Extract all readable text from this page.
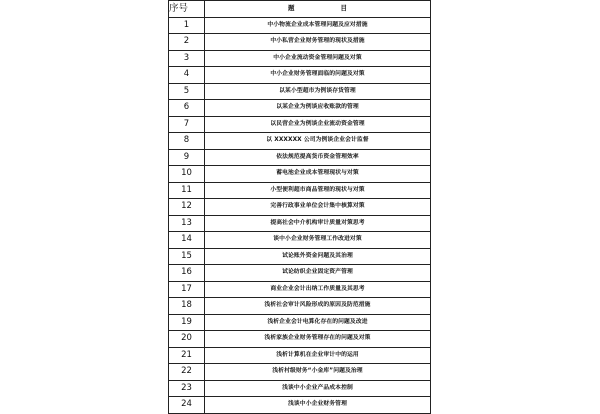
序号	题 目

1	中小物流企业成本管理问题及应对措施
2	中小私营企业财务管理的现状及措施
3	中小企业流动资金管理问题及对策
4	中小企业财务管理面临的问题及对策
5	以某小型超市为例谈存货管理
6	以某企业为例谈应收账款的管理
7	以民营企业为例谈企业流动资金管理
8	以 XXXXXX 公司为例谈企业会计监督
9	依法规范提高货币资金管理效率
10	蓄电池企业成本管理现状与对策
11	小型便利超市商品管理的现状与对策
12	完善行政事业单位会计集中核算对策
13	提高社会中介机构审计质量对策思考
14	谈中小企业财务管理工作改进对策
15	试论账外资金问题及其治理
16	试论纺织企业固定资产管理
17	商业企业会计出纳工作质量及其思考
18	浅析社会审计风险形成的原因及防范措施
19	浅析企业会计电算化存在的问题及改进
20	浅析家族企业财务管理存在的问题及对策
21	浅析计算机在企业审计中的运用
22	浅析村级财务“小金库”问题及治理
23	浅谈中小企业产品成本控制
24	浅谈中小企业财务管理
